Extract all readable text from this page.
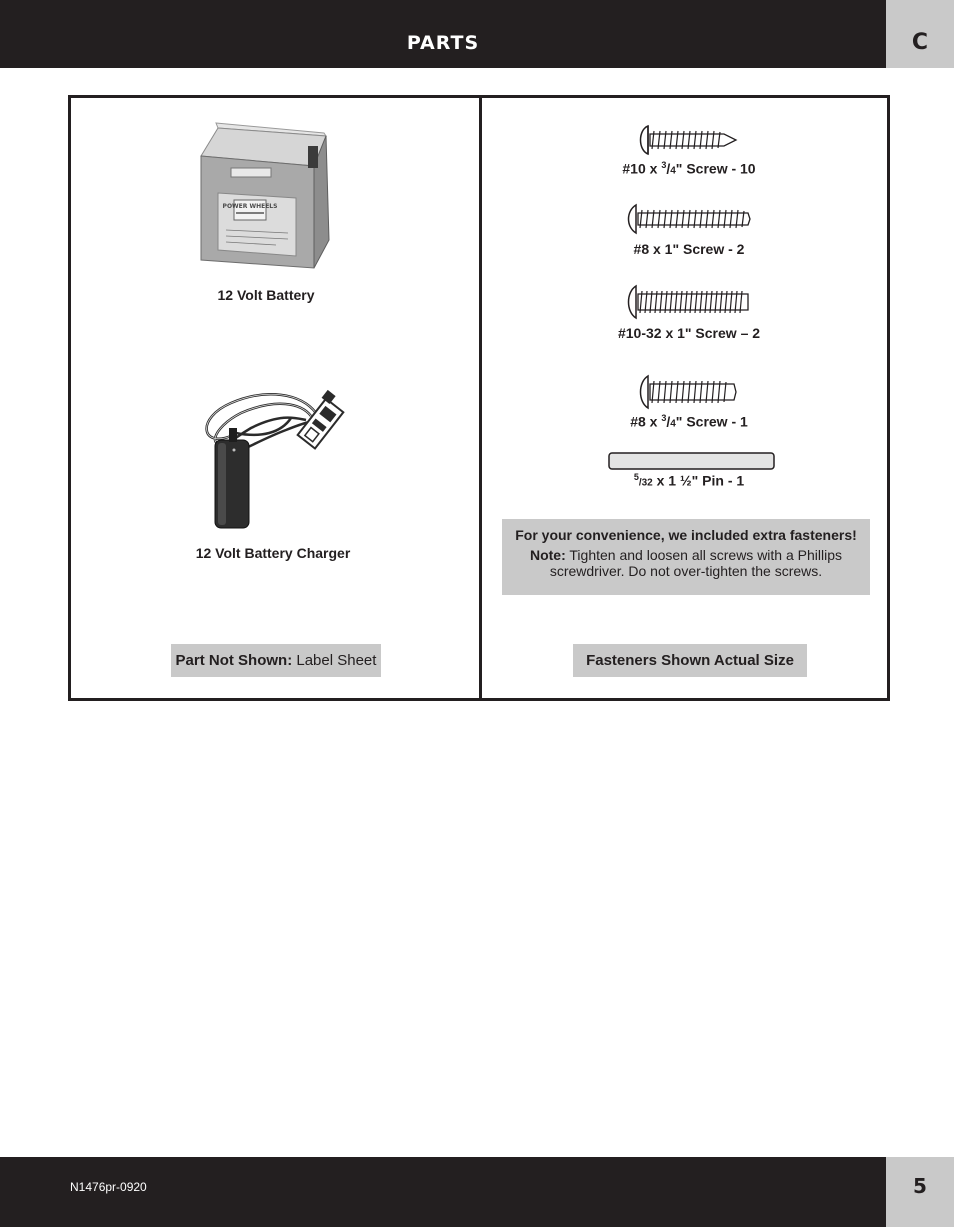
PARTS	C
POWER WHEELS
12 Volt Battery
12 Volt Battery Charger
Part Not Shown: Label Sheet
#10 x $^3$/4" Screw - 10
#8 x 1" Screw - 2
#10-32 x 1" Screw – 2
#8 x $^3$/4" Screw - 1
$^5$/32 x 1 ½" Pin - 1
For your convenience, we included extra fasteners!
Note: Tighten and loosen all screws with a Phillips
screwdriver. Do not over-tighten the screws.
Fasteners Shown Actual Size
N1476pr-0920	5
